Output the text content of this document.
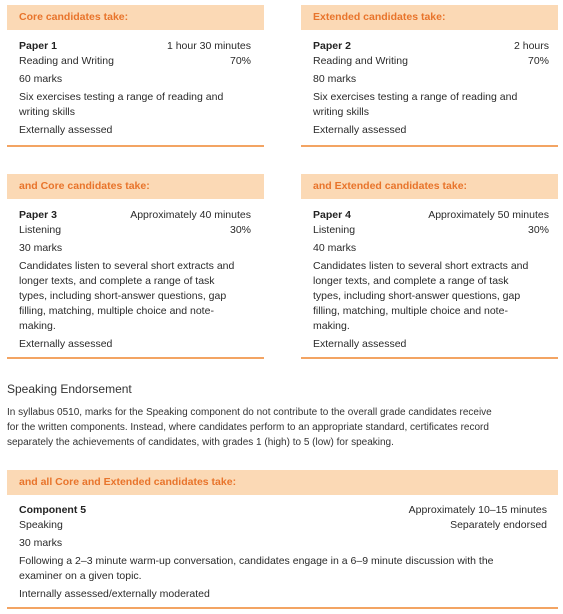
Core candidates take:
Paper 1	1 hour 30 minutes
Reading and Writing	70%
60 marks
Six exercises testing a range of reading and
writing skills
Externally assessed
Extended candidates take:
Paper 2	2 hours
Reading and Writing	70%
80 marks
Six exercises testing a range of reading and
writing skills
Externally assessed
and Core candidates take:
Paper 3	Approximately 40 minutes
Listening	30%
30 marks
Candidates listen to several short extracts and
longer texts, and complete a range of task
types, including short-answer questions, gap
filling, matching, multiple choice and note-
making.
Externally assessed
and Extended candidates take:
Paper 4	Approximately 50 minutes
Listening	30%
40 marks
Candidates listen to several short extracts and
longer texts, and complete a range of task
types, including short-answer questions, gap
filling, matching, multiple choice and note-
making.
Externally assessed
Speaking Endorsement
In syllabus 0510, marks for the Speaking component do not contribute to the overall grade candidates receive
for the written components. Instead, where candidates perform to an appropriate standard, certificates record
separately the achievements of candidates, with grades 1 (high) to 5 (low) for speaking.
and all Core and Extended candidates take:
Component 5	Approximately 10–15 minutes
Speaking	Separately endorsed
30 marks
Following a 2–3 minute warm-up conversation, candidates engage in a 6–9 minute discussion with the
examiner on a given topic.
Internally assessed/externally moderated
